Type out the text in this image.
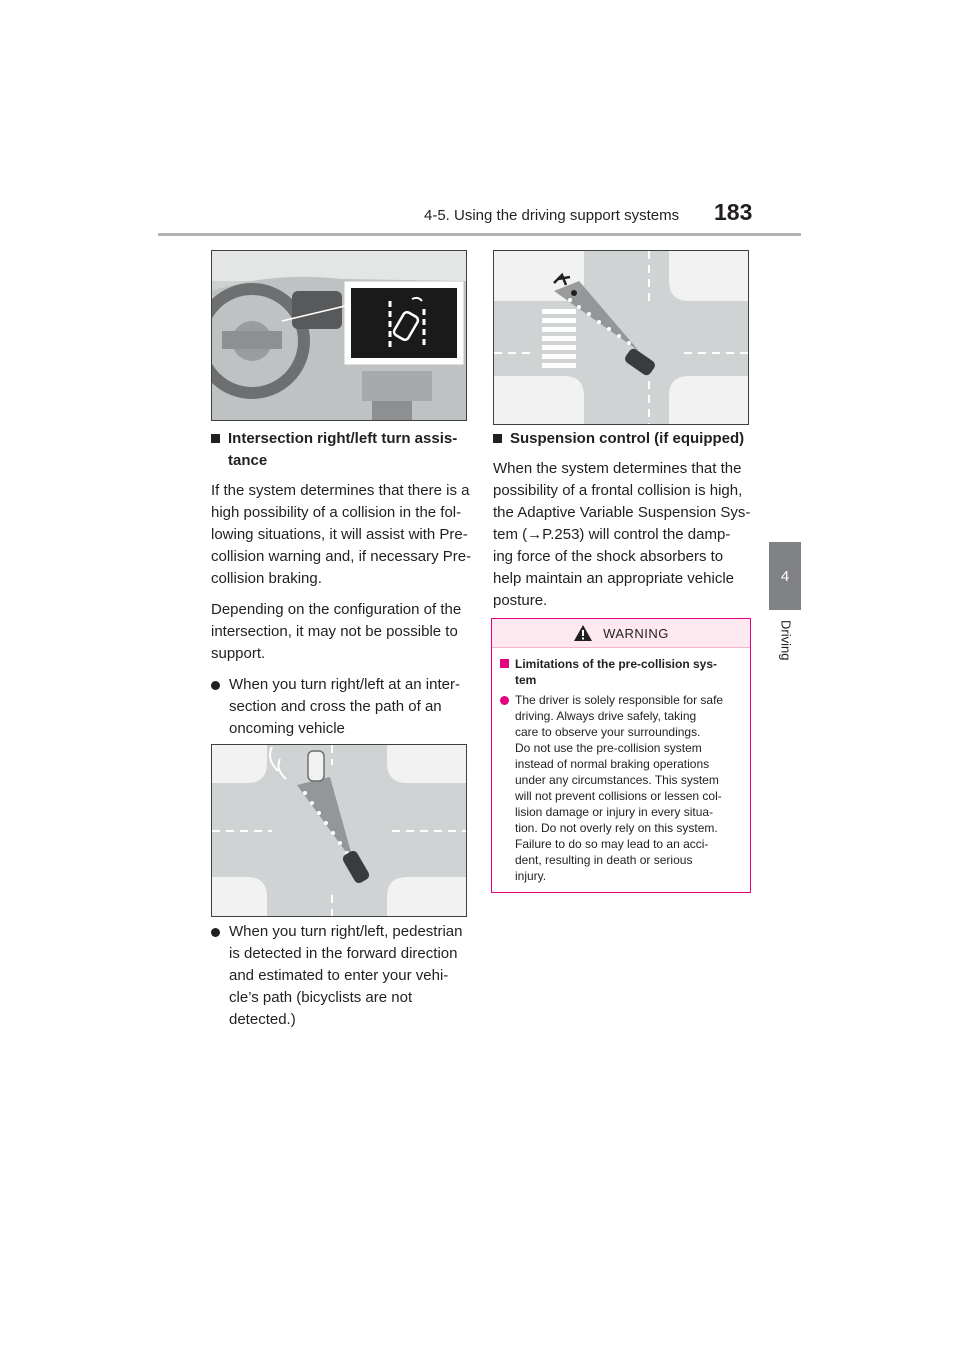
4-5. Using the driving support systems 183
4
Driving
Intersection right/left turn assis-
tance

If the system determines that there is a
high possibility of a collision in the fol-
lowing situations, it will assist with Pre-
collision warning and, if necessary Pre-
collision braking.

Depending on the configuration of the
intersection, it may not be possible to
support.

When you turn right/left at an inter-
section and cross the path of an
oncoming vehicle
When you turn right/left, pedestrian
is detected in the forward direction
and estimated to enter your vehi-
cle’s path (bicyclists are not
detected.)
Suspension control (if equipped)

When the system determines that the
possibility of a frontal collision is high,
the Adaptive Variable Suspension Sys-
tem (→P.253) will control the damp-
ing force of the shock absorbers to
help maintain an appropriate vehicle
posture.

WARNING
Limitations of the pre-collision sys-
tem
The driver is solely responsible for safe
driving. Always drive safely, taking
care to observe your surroundings.
Do not use the pre-collision system
instead of normal braking operations
under any circumstances. This system
will not prevent collisions or lessen col-
lision damage or injury in every situa-
tion. Do not overly rely on this system.
Failure to do so may lead to an acci-
dent, resulting in death or serious
injury.
